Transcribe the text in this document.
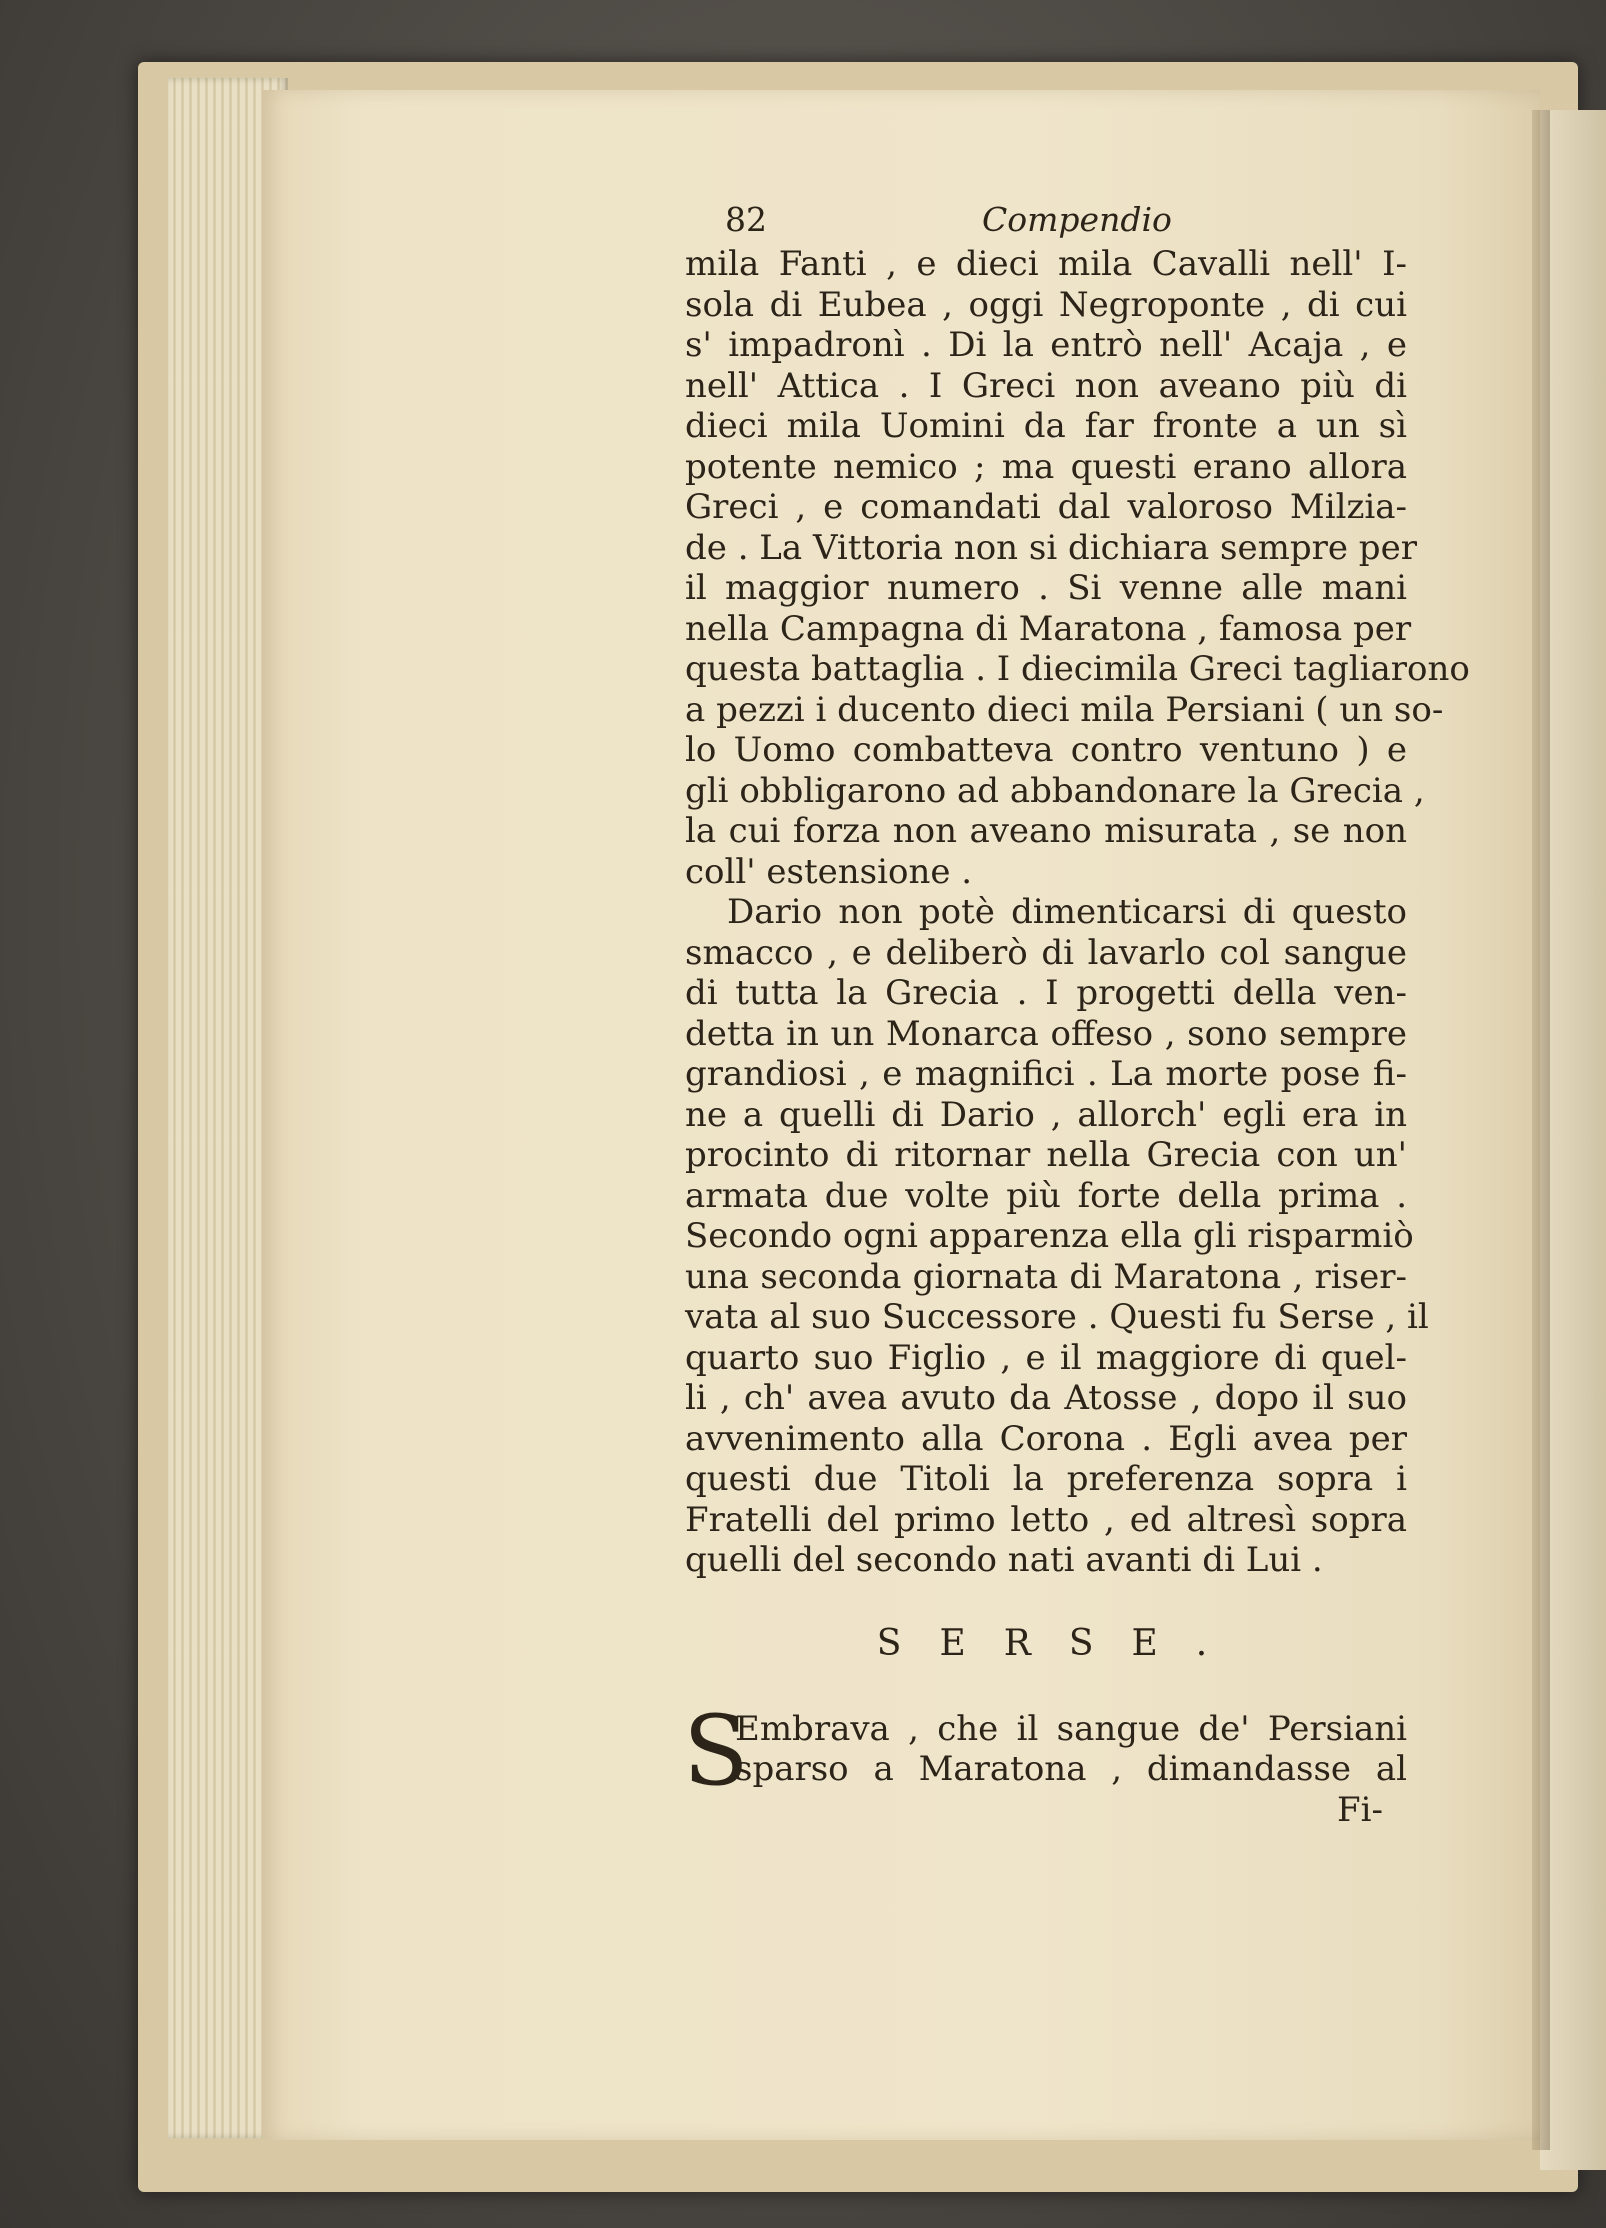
82	Compendio
mila Fanti , e dieci mila Cavalli nell' I-
sola di Eubea , oggi Negroponte , di cui
s' impadronì . Di la entrò nell' Acaja , e
nell' Attica . I Greci non aveano più di
dieci mila Uomini da far fronte a un sì
potente nemico ; ma questi erano allora
Greci , e comandati dal valoroso Milzia-
de . La Vittoria non si dichiara sempre per
il maggior numero . Si venne alle mani
nella Campagna di Maratona , famosa per
questa battaglia . I diecimila Greci tagliarono
a pezzi i ducento dieci mila Persiani ( un so-
lo Uomo combatteva contro ventuno ) e
gli obbligarono ad abbandonare la Grecia ,
la cui forza non aveano misurata , se non
coll' estensione .
Dario non potè dimenticarsi di questo
smacco , e deliberò di lavarlo col sangue
di tutta la Grecia . I progetti della ven-
detta in un Monarca offeso , sono sempre
grandiosi , e magnifici . La morte pose fi-
ne a quelli di Dario , allorch' egli era in
procinto di ritornar nella Grecia con un'
armata due volte più forte della prima .
Secondo ogni apparenza ella gli risparmiò
una seconda giornata di Maratona , riser-
vata al suo Successore . Questi fu Serse , il
quarto suo Figlio , e il maggiore di quel-
li , ch' avea avuto da Atosse , dopo il suo
avvenimento alla Corona . Egli avea per
questi due Titoli la preferenza sopra i
Fratelli del primo letto , ed altresì sopra
quelli del secondo nati avanti di Lui .
SERSE.
S
Embrava , che il sangue de' Persiani
sparso a Maratona , dimandasse al
Fi-
